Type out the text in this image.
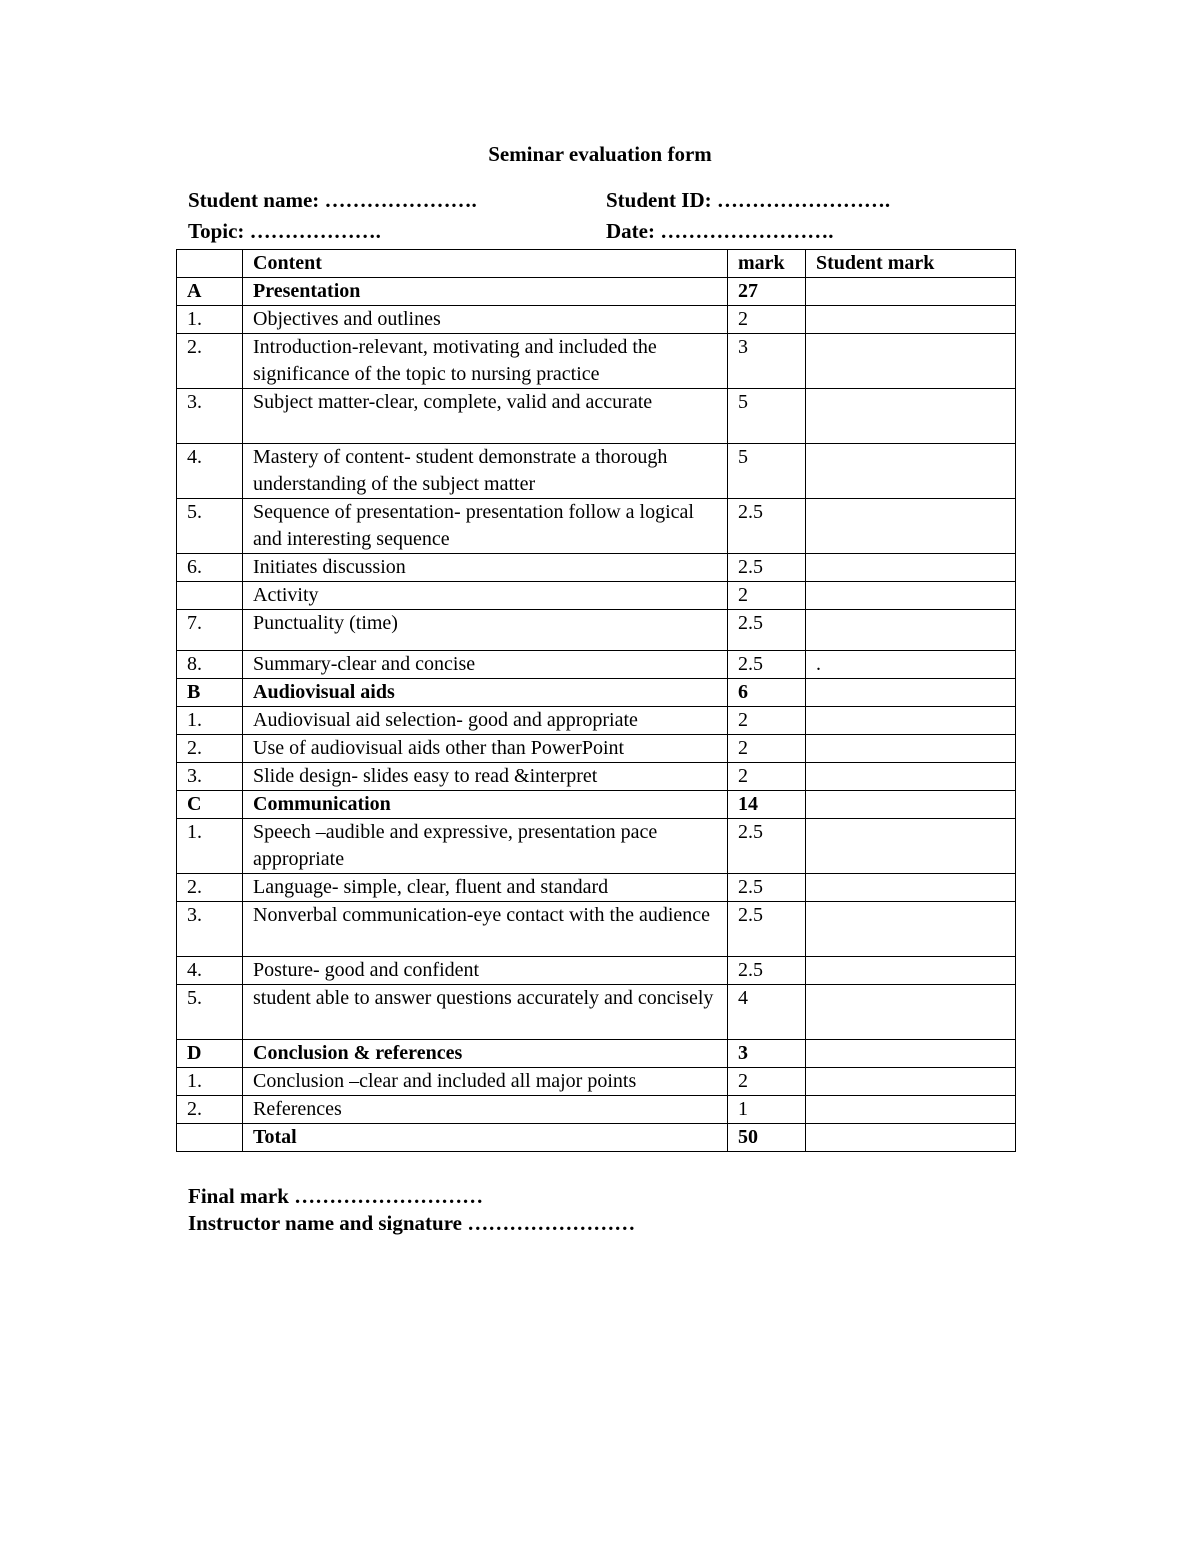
Seminar evaluation form
Student name: ………………….	Student ID: …………………….
Topic: ……………….	Date: …………………….
	Content	mark	Student mark
A	Presentation	27	
1.	Objectives and outlines	2	
2.	Introduction-relevant, motivating and included the significance of the topic to nursing practice	3	
3.	Subject matter-clear, complete, valid and accurate	5	
4.	Mastery of content- student demonstrate a thorough understanding of the subject matter	5	
5.	Sequence of presentation- presentation follow a logical and interesting sequence	2.5	
6.	Initiates discussion	2.5	
	Activity	2	
7.	Punctuality (time)	2.5	
8.	Summary-clear and concise	2.5	.
B	Audiovisual aids	6	
1.	Audiovisual aid selection- good and appropriate	2	
2.	Use of audiovisual aids other than PowerPoint	2	
3.	Slide design- slides easy to read &interpret	2	
C	Communication	14	
1.	Speech –audible and expressive, presentation pace appropriate	2.5	
2.	Language- simple, clear, fluent and standard	2.5	
3.	Nonverbal communication-eye contact with the audience	2.5	
4.	Posture- good and confident	2.5	
5.	student able to answer questions accurately and concisely	4	
D	Conclusion & references	3	
1.	Conclusion –clear and included all major points	2	
2.	References	1	
	Total	50	
Final mark ………………………
Instructor name and signature ……………………
